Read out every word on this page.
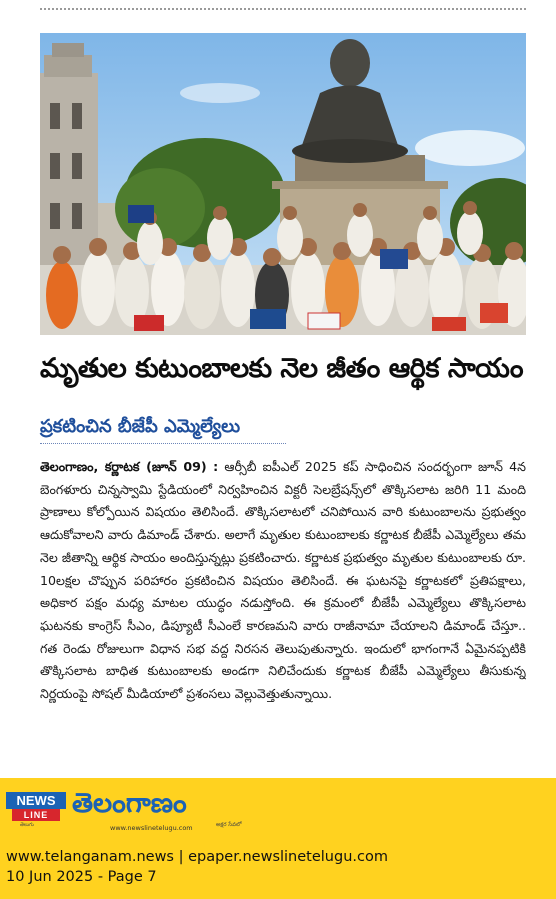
మృతుల కుటుంబాలకు నెల జీతం ఆర్థిక సాయం
ప్రకటించిన బీజేపీ ఎమ్మెల్యేలు
తెలంగాణం, కర్ణాటక (జూన్ 09) : ఆర్సీబీ ఐపీఎల్ 2025 కప్ సాధించిన సందర్భంగా జూన్ 4న బెంగళూరు చిన్నస్వామి స్టేడియంలో నిర్వహించిన విక్టరీ సెలబ్రేషన్స్‌లో తొక్కిసలాట జరిగి 11 మంది ప్రాణాలు కోల్పోయిన విషయం తెలిసిందే. తొక్కిసలాటలో చనిపోయిన వారి కుటుంబాలను ప్రభుత్వం ఆదుకోవాలని వారు డిమాండ్ చేశారు. అలాగే మృతుల కుటుంబాలకు కర్ణాటక బీజేపీ ఎమ్మెల్యేలు తమ నెల జీతాన్ని ఆర్థిక సాయం అందిస్తున్నట్లు ప్రకటించారు. కర్ణాటక ప్రభుత్వం మృతుల కుటుంబాలకు రూ. 10లక్షల చొప్పున పరిహారం ప్రకటించిన విషయం తెలిసిందే. ఈ ఘటనపై కర్ణాటకలో ప్రతిపక్షాలు, అధికార పక్షం మధ్య మాటల యుద్ధం నడుస్తోంది. ఈ క్రమంలో బీజేపీ ఎమ్మెల్యేలు తొక్కిసలాట ఘటనకు కాంగ్రెస్ సీఎం, డిప్యూటీ సీఎంలే కారణమని వారు రాజీనామా చేయాలని డిమాండ్ చేస్తూ.. గత రెండు రోజులుగా విధాన సభ వద్ద నిరసన తెలుపుతున్నారు. ఇందులో భాగంగానే ఏమైనప్పటికి తొక్కిసలాట బాధిత కుటుంబాలకు అండగా నిలిచేందుకు కర్ణాటక బీజేపీ ఎమ్మెల్యేలు తీసుకున్న నిర్ణయంపై సోషల్ మీడియాలో ప్రశంసలు వెల్లువెత్తుతున్నాయి.
NEWS
LINE
తెలుగు
తెలంగాణం
www.newslinetelugu.com	అక్షర సేవలో
www.telanganam.news | epaper.newslinetelugu.com
10 Jun 2025 - Page 7
